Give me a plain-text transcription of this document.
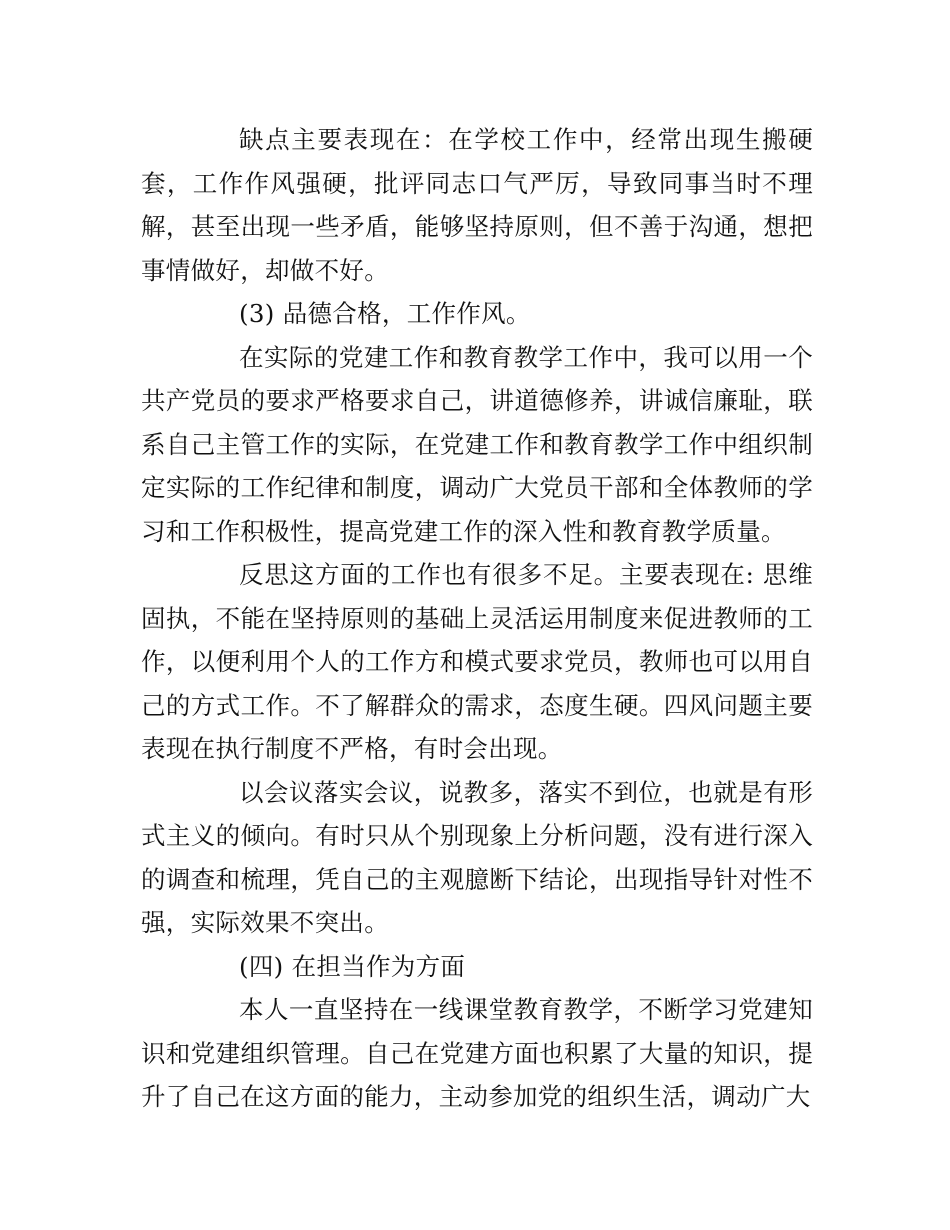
缺点主要表现在：在学校工作中，经常出现生搬硬套，工作作风强硬，批评同志口气严厉，导致同事当时不理解，甚至出现一些矛盾，能够坚持原则，但不善于沟通，想把事情做好，却做不好。

(3) 品德合格，工作作风。

在实际的党建工作和教育教学工作中，我可以用一个共产党员的要求严格要求自己，讲道德修养，讲诚信廉耻，联系自己主管工作的实际，在党建工作和教育教学工作中组织制定实际的工作纪律和制度，调动广大党员干部和全体教师的学习和工作积极性，提高党建工作的深入性和教育教学质量。

反思这方面的工作也有很多不足。主要表现在: 思维固执，不能在坚持原则的基础上灵活运用制度来促进教师的工作，以便利用个人的工作方和模式要求党员，教师也可以用自己的方式工作。不了解群众的需求，态度生硬。四风问题主要表现在执行制度不严格，有时会出现。

以会议落实会议，说教多，落实不到位，也就是有形式主义的倾向。有时只从个别现象上分析问题，没有进行深入的调查和梳理，凭自己的主观臆断下结论，出现指导针对性不强，实际效果不突出。

(四) 在担当作为方面

本人一直坚持在一线课堂教育教学，不断学习党建知识和党建组织管理。自己在党建方面也积累了大量的知识，提升了自己在这方面的能力，主动参加党的组织生活，调动广大
